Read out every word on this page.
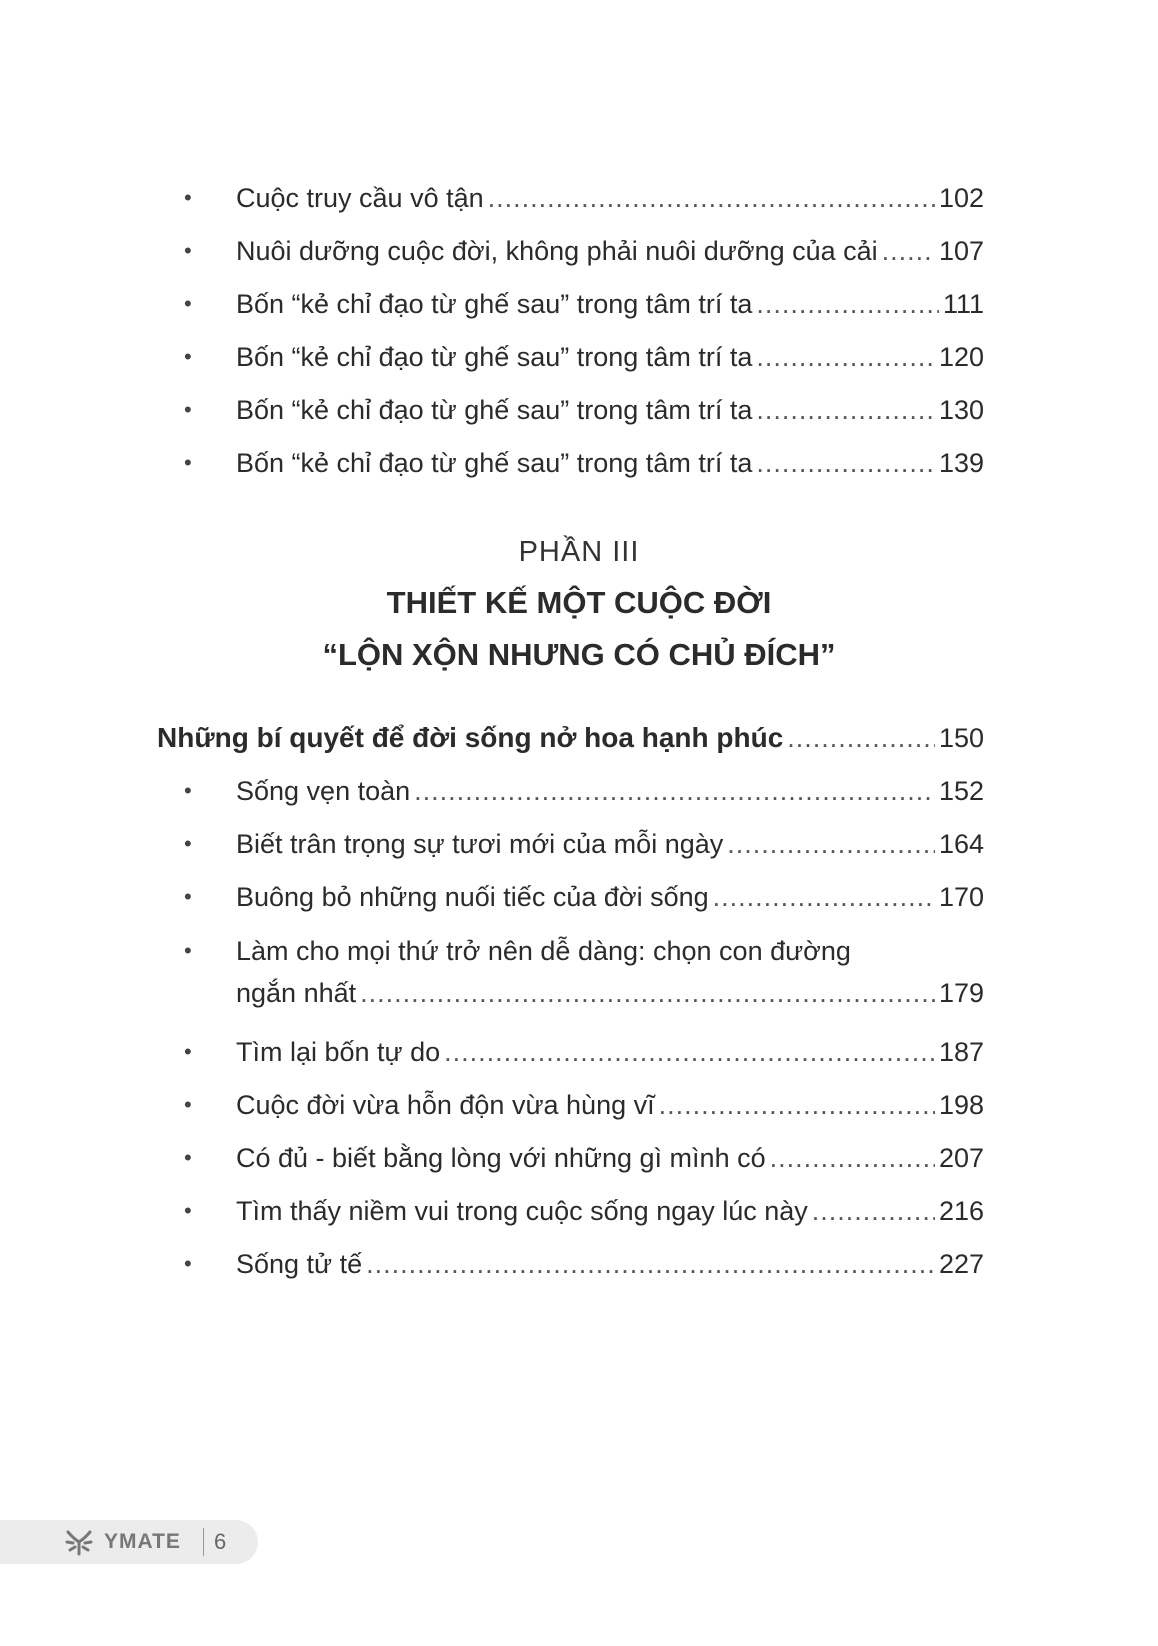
• Cuộc truy cầu vô tận .....	102
• Nuôi dưỡng cuộc đời, không phải nuôi dưỡng của cải ..... 107
• Bốn “kẻ chỉ đạo từ ghế sau” trong tâm trí ta .....	111
• Bốn “kẻ chỉ đạo từ ghế sau” trong tâm trí ta .....	120
• Bốn “kẻ chỉ đạo từ ghế sau” trong tâm trí ta .....	130
• Bốn “kẻ chỉ đạo từ ghế sau” trong tâm trí ta .....	139
PHẦN III
THIẾT KẾ MỘT CUỘC ĐỜI
“LỘN XỘN NHƯNG CÓ CHỦ ĐÍCH”
Những bí quyết để đời sống nở hoa hạnh phúc .....	150
• Sống vẹn toàn .....	152
• Biết trân trọng sự tươi mới của mỗi ngày .....	164
• Buông bỏ những nuối tiếc của đời sống .....	170
• Làm cho mọi thứ trở nên dễ dàng: chọn con đường
ngắn nhất .....	179
• Tìm lại bốn tự do .....	187
• Cuộc đời vừa hỗn độn vừa hùng vĩ .....	198
• Có đủ - biết bằng lòng với những gì mình có .....	207
• Tìm thấy niềm vui trong cuộc sống ngay lúc này .....	216
• Sống tử tế .....	227
YMATE 6
